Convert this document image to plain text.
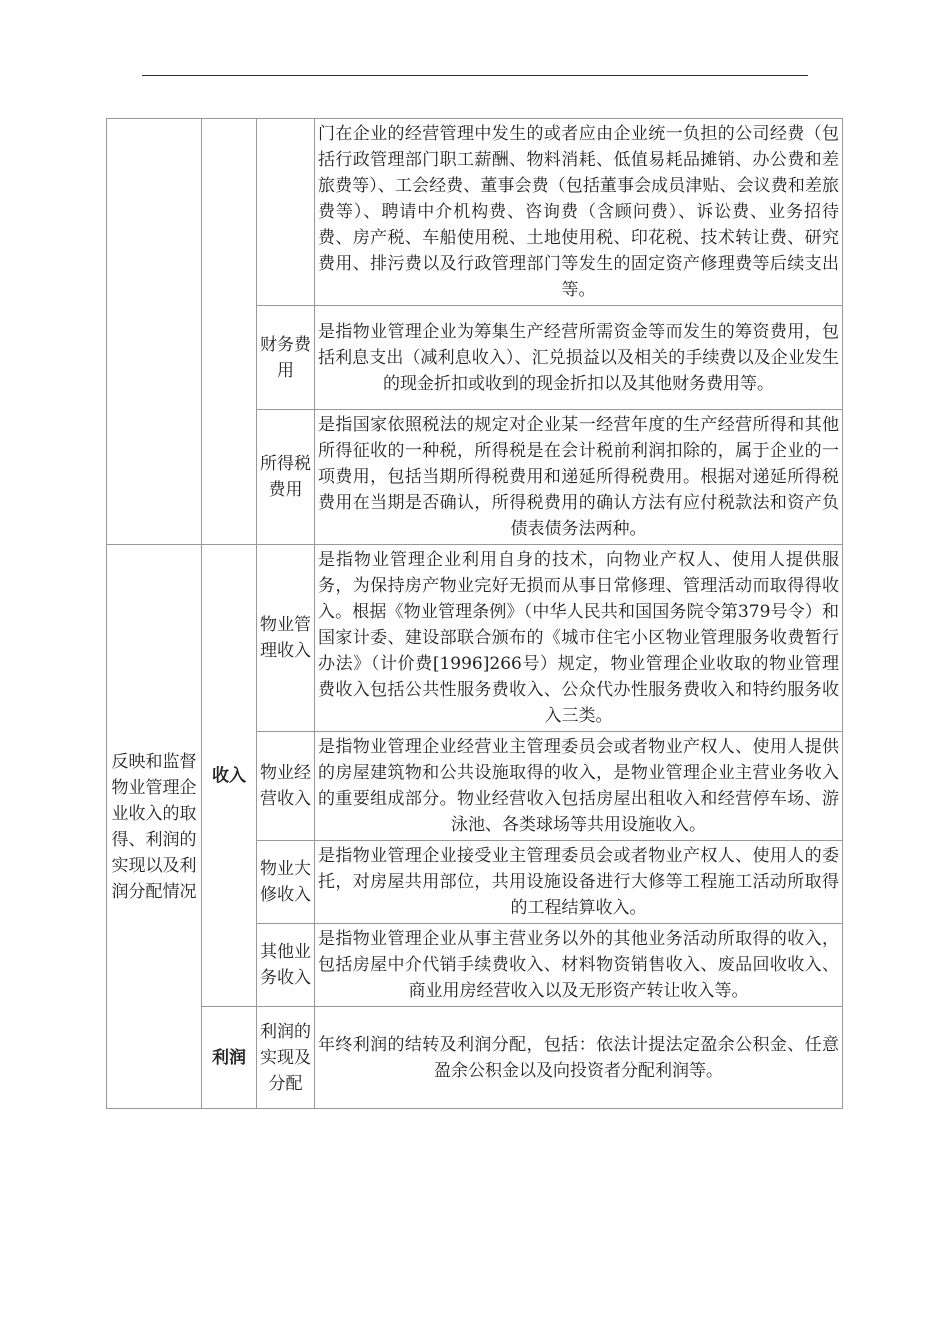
			门在企业的经营管理中发生的或者应由企业统一负担的公司经费（包括行政管理部门职工薪酬、物料消耗、低值易耗品摊销、办公费和差旅费等）、工会经费、董事会费（包括董事会成员津贴、会议费和差旅费等）、聘请中介机构费、咨询费（含顾问费）、诉讼费、业务招待费、房产税、车船使用税、土地使用税、印花税、技术转让费、研究费用、排污费以及行政管理部门等发生的固定资产修理费等后续支出等。
		财务费用	是指物业管理企业为筹集生产经营所需资金等而发生的筹资费用，包括利息支出（减利息收入）、汇兑损益以及相关的手续费以及企业发生的现金折扣或收到的现金折扣以及其他财务费用等。
		所得税费用	是指国家依照税法的规定对企业某一经营年度的生产经营所得和其他所得征收的一种税，所得税是在会计税前利润扣除的，属于企业的一项费用，包括当期所得税费用和递延所得税费用。根据对递延所得税费用在当期是否确认，所得税费用的确认方法有应付税款法和资产负债表债务法两种。
反映和监督物业管理企业收入的取得、利润的实现以及利润分配情况	收入	物业管理收入	是指物业管理企业利用自身的技术，向物业产权人、使用人提供服务，为保持房产物业完好无损而从事日常修理、管理活动而取得得收入。根据《物业管理条例》（中华人民共和国国务院令第379号令）和国家计委、建设部联合颁布的《城市住宅小区物业管理服务收费暂行办法》（计价费[1996]266号）规定，物业管理企业收取的物业管理费收入包括公共性服务费收入、公众代办性服务费收入和特约服务收入三类。
		物业经营收入	是指物业管理企业经营业主管理委员会或者物业产权人、使用人提供的房屋建筑物和公共设施取得的收入，是物业管理企业主营业务收入的重要组成部分。物业经营收入包括房屋出租收入和经营停车场、游泳池、各类球场等共用设施收入。
		物业大修收入	是指物业管理企业接受业主管理委员会或者物业产权人、使用人的委托，对房屋共用部位，共用设施设备进行大修等工程施工活动所取得的工程结算收入。
		其他业务收入	是指物业管理企业从事主营业务以外的其他业务活动所取得的收入，包括房屋中介代销手续费收入、材料物资销售收入、废品回收收入、商业用房经营收入以及无形资产转让收入等。
	利润	利润的实现及分配	年终利润的结转及利润分配，包括：依法计提法定盈余公积金、任意盈余公积金以及向投资者分配利润等。
